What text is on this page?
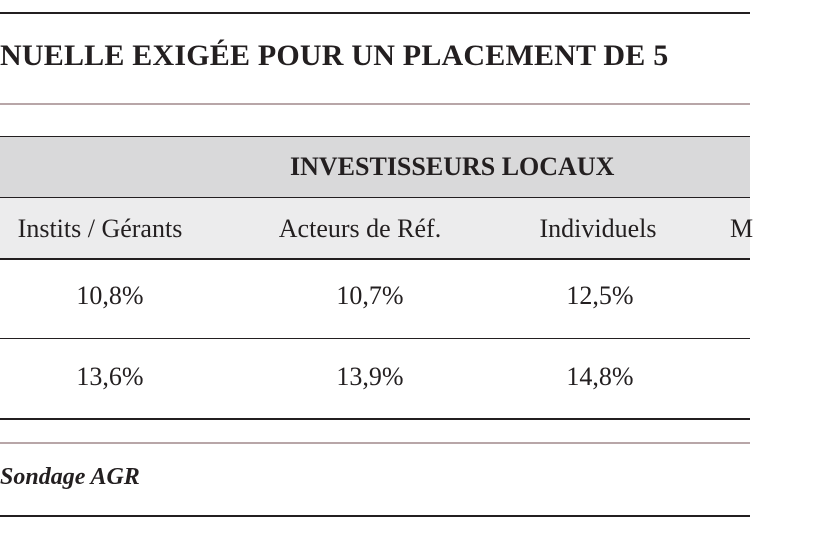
NUELLE EXIGÉE POUR UN PLACEMENT DE 5
INVESTISSEURS LOCAUX
Instits / Gérants	Acteurs de Réf.	Individuels	M
10,8%	10,7%	12,5%
13,6%	13,9%	14,8%
Sondage AGR
